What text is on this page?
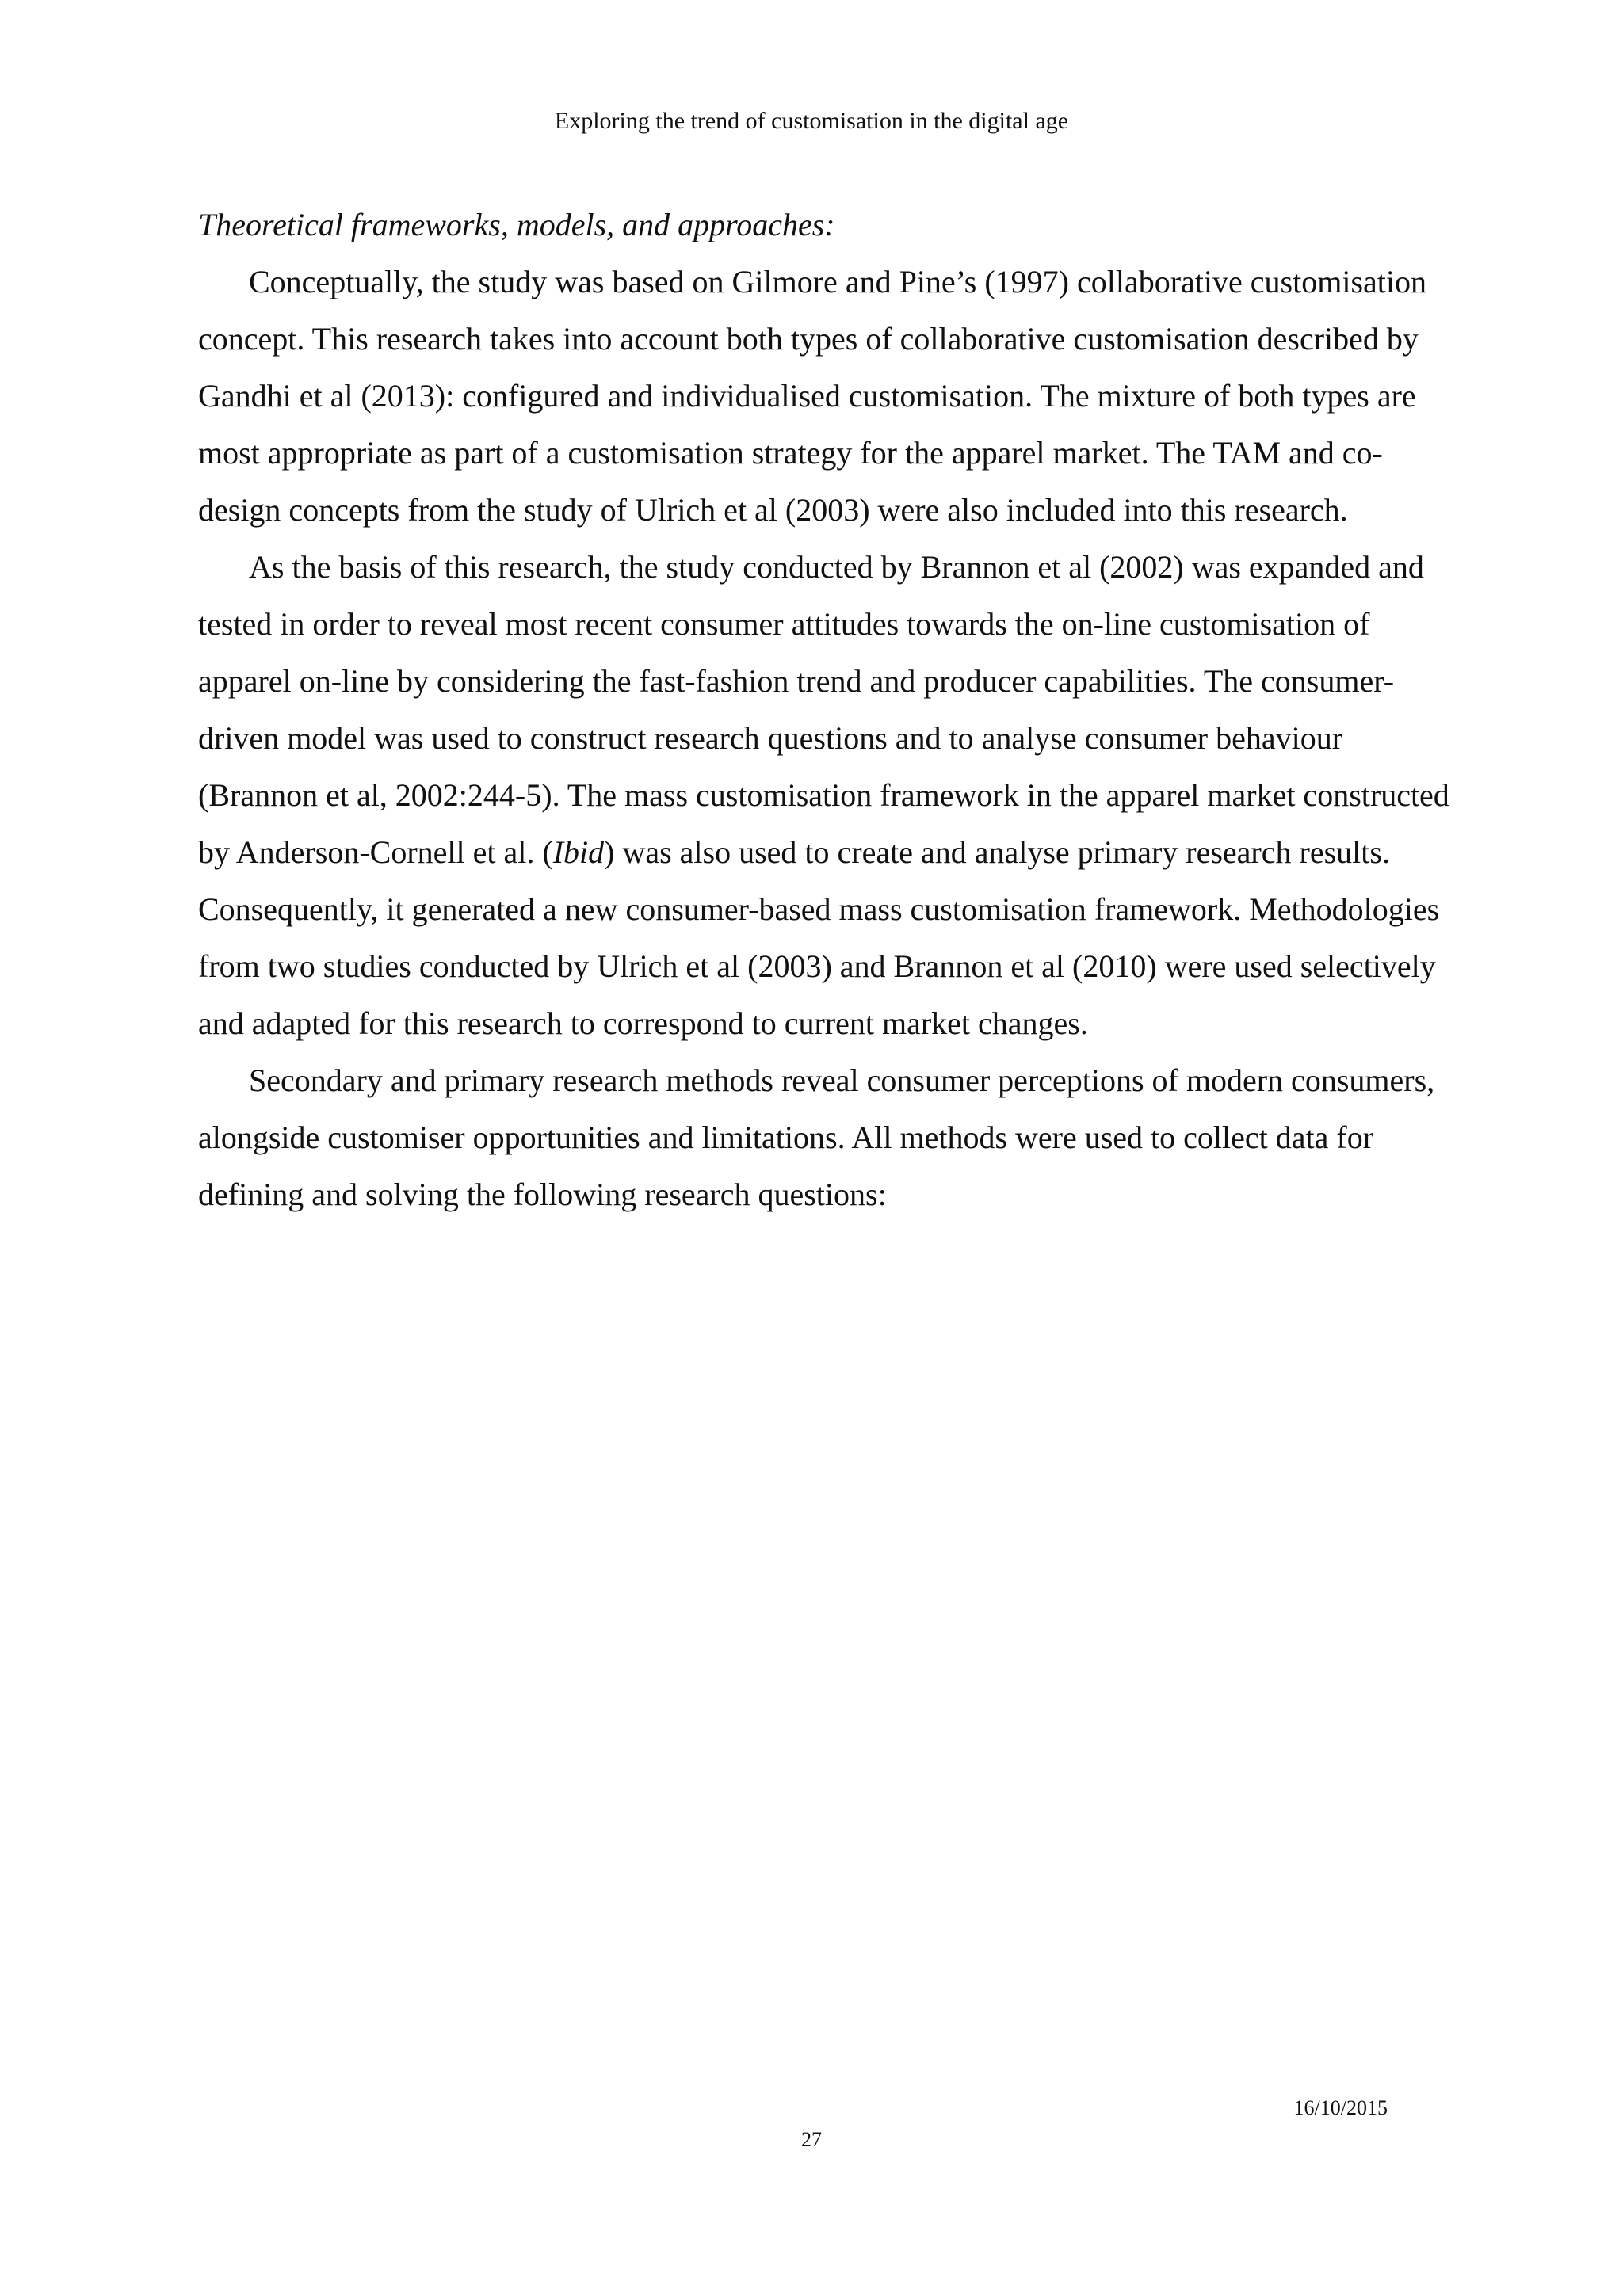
Exploring the trend of customisation in the digital age
Theoretical frameworks, models, and approaches:

Conceptually, the study was based on Gilmore and Pine’s (1997) collaborative customisation concept. This research takes into account both types of collaborative customisation described by Gandhi et al (2013): configured and individualised customisation. The mixture of both types are most appropriate as part of a customisation strategy for the apparel market. The TAM and co-design concepts from the study of Ulrich et al (2003) were also included into this research.

As the basis of this research, the study conducted by Brannon et al (2002) was expanded and tested in order to reveal most recent consumer attitudes towards the on-line customisation of apparel on-line by considering the fast-fashion trend and producer capabilities. The consumer-driven model was used to construct research questions and to analyse consumer behaviour (Brannon et al, 2002:244-5). The mass customisation framework in the apparel market constructed by Anderson-Cornell et al. (Ibid) was also used to create and analyse primary research results. Consequently, it generated a new consumer-based mass customisation framework. Methodologies from two studies conducted by Ulrich et al (2003) and Brannon et al (2010) were used selectively and adapted for this research to correspond to current market changes.

Secondary and primary research methods reveal consumer perceptions of modern consumers, alongside customiser opportunities and limitations. All methods were used to collect data for defining and solving the following research questions:

16/10/2015
27
